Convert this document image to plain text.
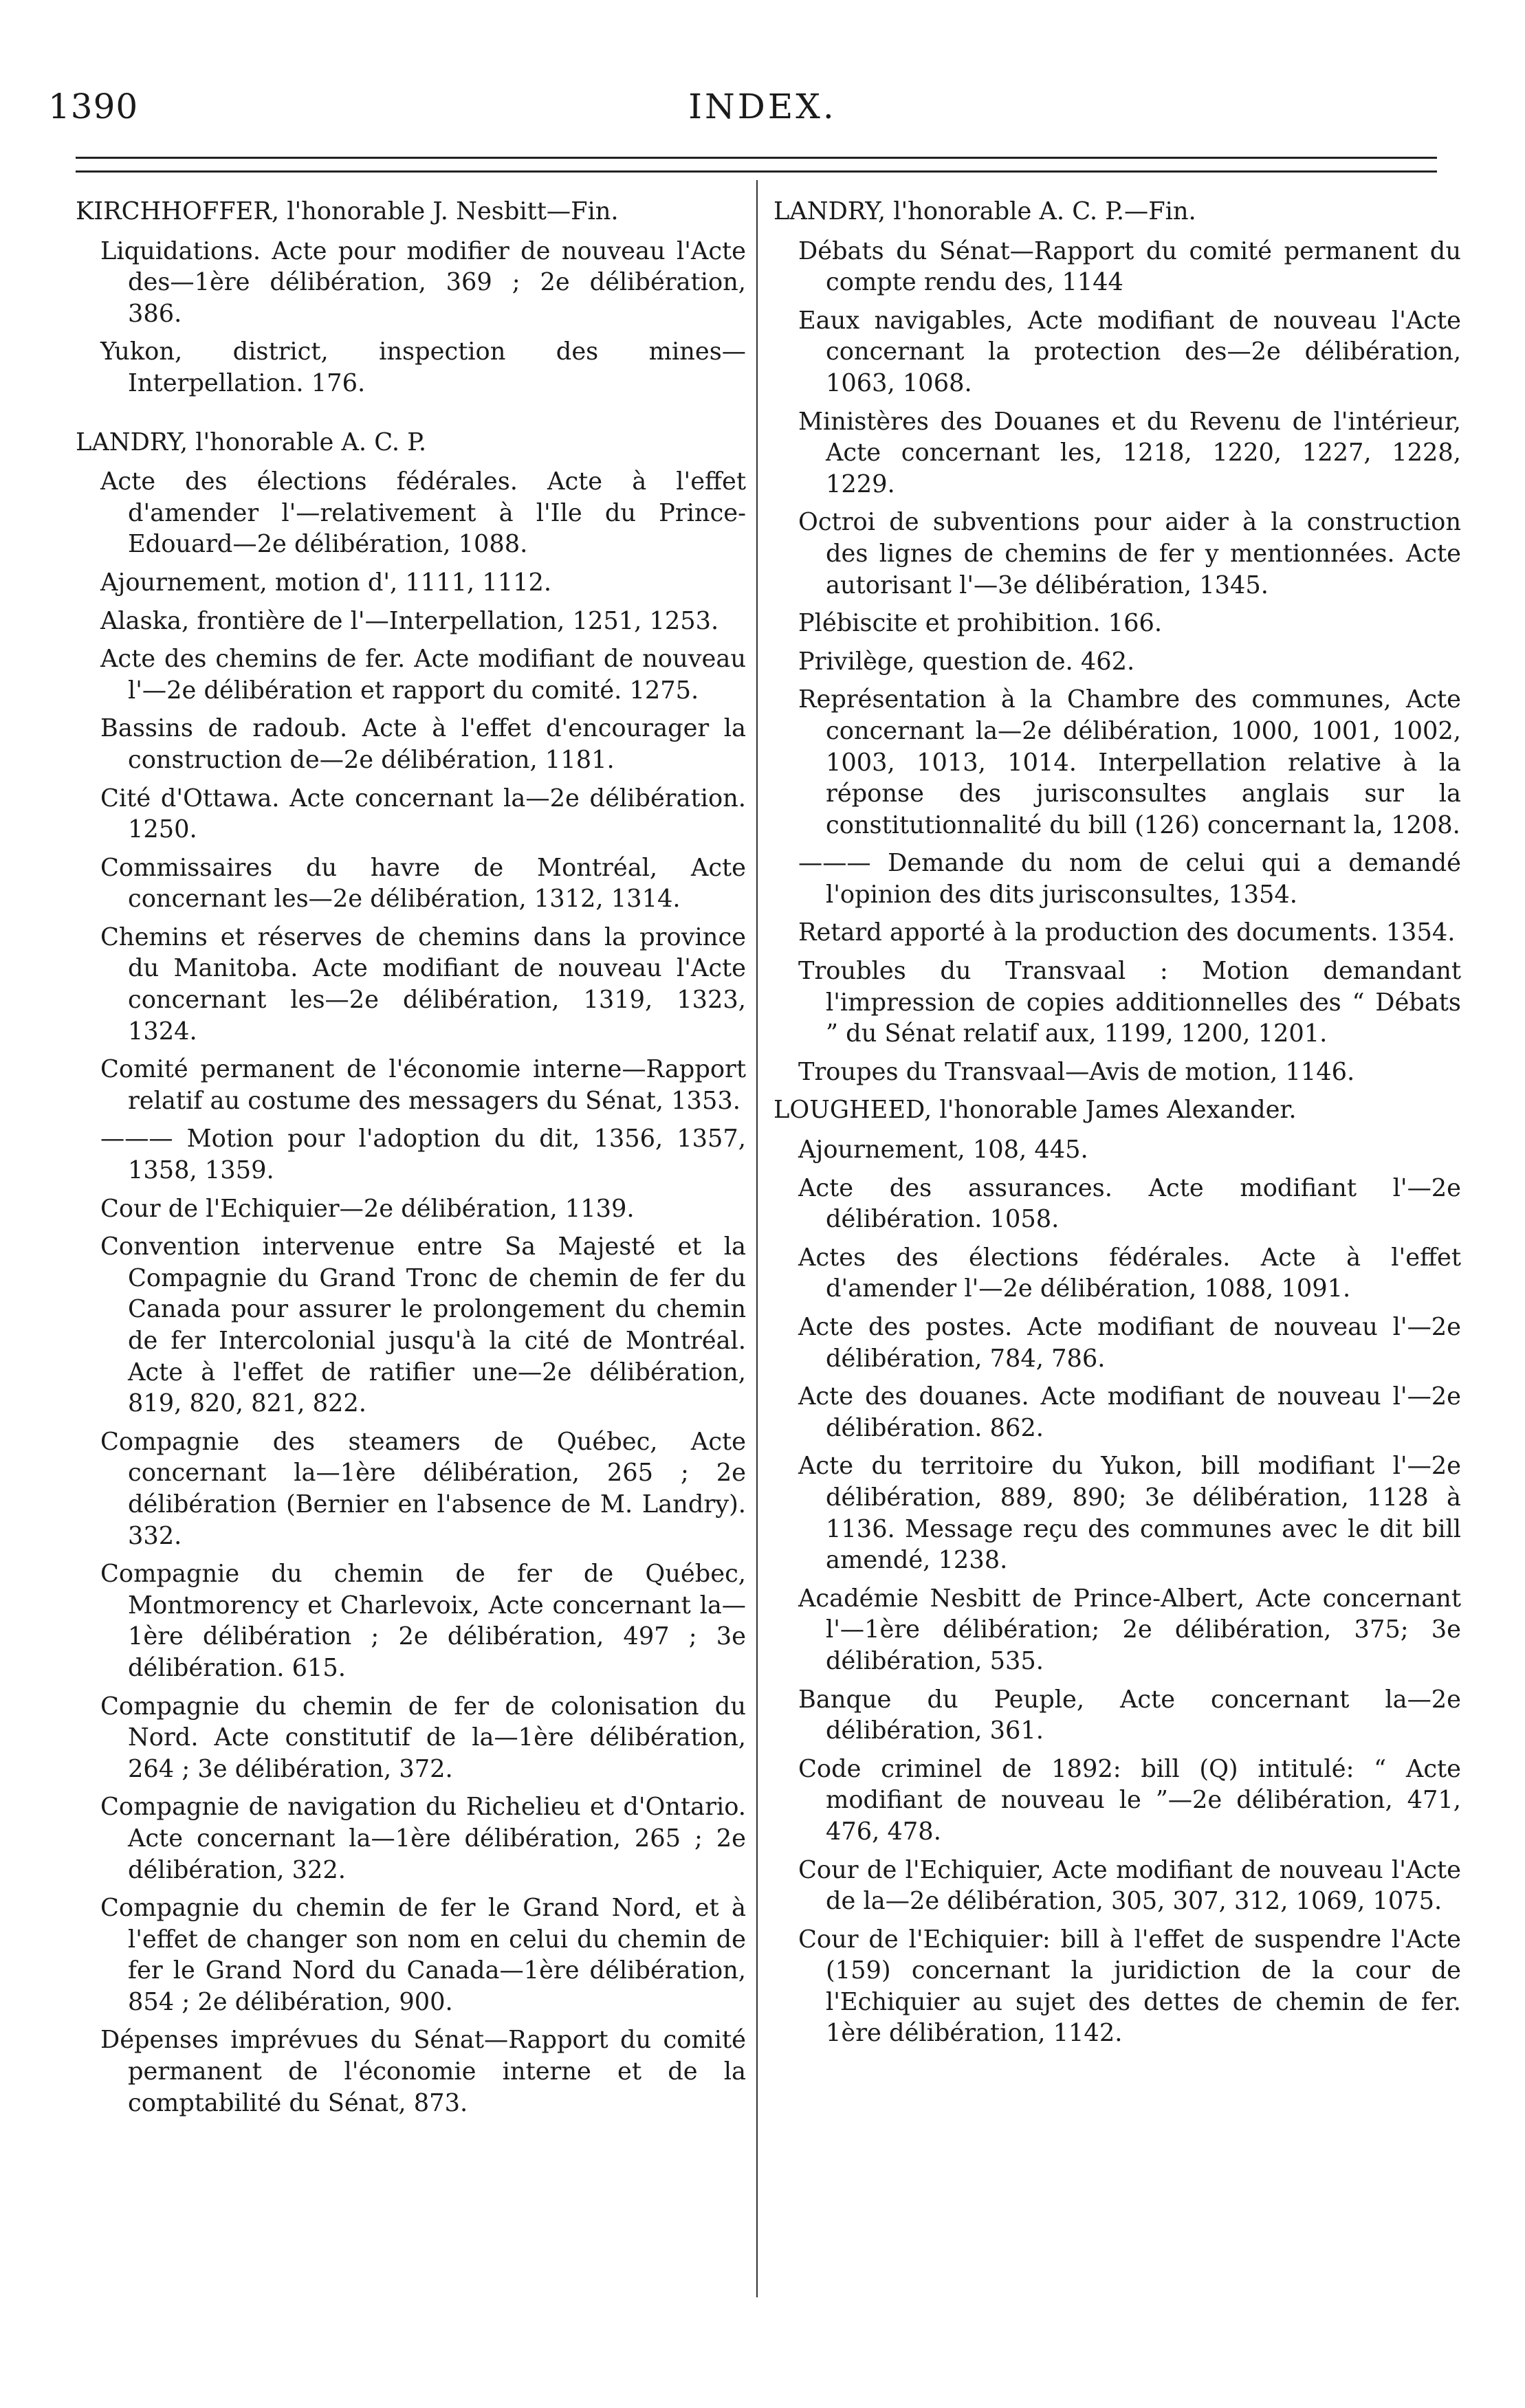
1390	INDEX.
KIRCHHOFFER, l'honorable J. Nesbitt—Fin.
Liquidations. Acte pour modifier de nouveau l'Acte des—1ère délibération, 369 ; 2e délibération, 386.
Yukon, district, inspection des mines—Interpellation. 176.
LANDRY, l'honorable A. C. P.
Acte des élections fédérales. Acte à l'effet d'amender l'—relativement à l'Ile du Prince-Edouard—2e délibération, 1088.
Ajournement, motion d', 1111, 1112.
Alaska, frontière de l'—Interpellation, 1251, 1253.
Acte des chemins de fer. Acte modifiant de nouveau l'—2e délibération et rapport du comité. 1275.
Bassins de radoub. Acte à l'effet d'encourager la construction de—2e délibération, 1181.
Cité d'Ottawa. Acte concernant la—2e délibération. 1250.
Commissaires du havre de Montréal, Acte concernant les—2e délibération, 1312, 1314.
Chemins et réserves de chemins dans la province du Manitoba. Acte modifiant de nouveau l'Acte concernant les—2e délibération, 1319, 1323, 1324.
Comité permanent de l'économie interne—Rapport relatif au costume des messagers du Sénat, 1353.
——— Motion pour l'adoption du dit, 1356, 1357, 1358, 1359.
Cour de l'Echiquier—2e délibération, 1139.
Convention intervenue entre Sa Majesté et la Compagnie du Grand Tronc de chemin de fer du Canada pour assurer le prolongement du chemin de fer Intercolonial jusqu'à la cité de Montréal. Acte à l'effet de ratifier une—2e délibération, 819, 820, 821, 822.
Compagnie des steamers de Québec, Acte concernant la—1ère délibération, 265 ; 2e délibération (Bernier en l'absence de M. Landry). 332.
Compagnie du chemin de fer de Québec, Montmorency et Charlevoix, Acte concernant la—1ère délibération ; 2e délibération, 497 ; 3e délibération. 615.
Compagnie du chemin de fer de colonisation du Nord. Acte constitutif de la—1ère délibération, 264 ; 3e délibération, 372.
Compagnie de navigation du Richelieu et d'Ontario. Acte concernant la—1ère délibération, 265 ; 2e délibération, 322.
Compagnie du chemin de fer le Grand Nord, et à l'effet de changer son nom en celui du chemin de fer le Grand Nord du Canada—1ère délibération, 854 ; 2e délibération, 900.
Dépenses imprévues du Sénat—Rapport du comité permanent de l'économie interne et de la comptabilité du Sénat, 873.
LANDRY, l'honorable A. C. P.—Fin.
Débats du Sénat—Rapport du comité permanent du compte rendu des, 1144
Eaux navigables, Acte modifiant de nouveau l'Acte concernant la protection des—2e délibération, 1063, 1068.
Ministères des Douanes et du Revenu de l'intérieur, Acte concernant les, 1218, 1220, 1227, 1228, 1229.
Octroi de subventions pour aider à la construction des lignes de chemins de fer y mentionnées. Acte autorisant l'—3e délibération, 1345.
Plébiscite et prohibition. 166.
Privilège, question de. 462.
Représentation à la Chambre des communes, Acte concernant la—2e délibération, 1000, 1001, 1002, 1003, 1013, 1014. Interpellation relative à la réponse des jurisconsultes anglais sur la constitutionnalité du bill (126) concernant la, 1208.
——— Demande du nom de celui qui a demandé l'opinion des dits jurisconsultes, 1354.
Retard apporté à la production des documents. 1354.
Troubles du Transvaal : Motion demandant l'impression de copies additionnelles des “ Débats ” du Sénat relatif aux, 1199, 1200, 1201.
Troupes du Transvaal—Avis de motion, 1146.
LOUGHEED, l'honorable James Alexander.
Ajournement, 108, 445.
Acte des assurances. Acte modifiant l'—2e délibération. 1058.
Actes des élections fédérales. Acte à l'effet d'amender l'—2e délibération, 1088, 1091.
Acte des postes. Acte modifiant de nouveau l'—2e délibération, 784, 786.
Acte des douanes. Acte modifiant de nouveau l'—2e délibération. 862.
Acte du territoire du Yukon, bill modifiant l'—2e délibération, 889, 890; 3e délibération, 1128 à 1136. Message reçu des communes avec le dit bill amendé, 1238.
Académie Nesbitt de Prince-Albert, Acte concernant l'—1ère délibération; 2e délibération, 375; 3e délibération, 535.
Banque du Peuple, Acte concernant la—2e délibération, 361.
Code criminel de 1892: bill (Q) intitulé: “ Acte modifiant de nouveau le ”—2e délibération, 471, 476, 478.
Cour de l'Echiquier, Acte modifiant de nouveau l'Acte de la—2e délibération, 305, 307, 312, 1069, 1075.
Cour de l'Echiquier: bill à l'effet de suspendre l'Acte (159) concernant la juridiction de la cour de l'Echiquier au sujet des dettes de chemin de fer. 1ère délibération, 1142.
